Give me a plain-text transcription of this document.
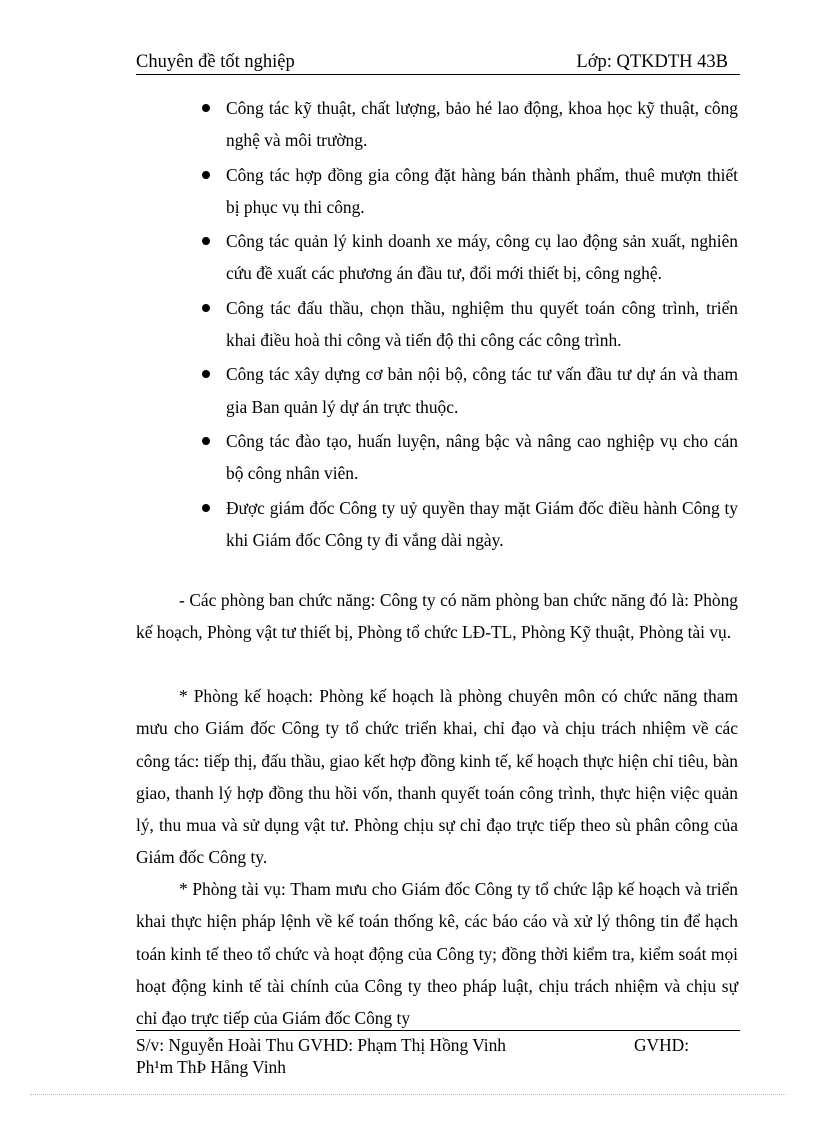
Chuyên đề tốt nghiệp	Lớp: QTKDTH 43B
Công tác kỹ thuật, chất lượng, bảo hé lao động, khoa học kỹ thuật, công nghệ và môi trường.
Công tác hợp đồng gia công đặt hàng bán thành phẩm, thuê mượn thiết bị phục vụ thi công.
Công tác quản lý kinh doanh xe máy, công cụ lao động sản xuất, nghiên cứu đề xuất các phương án đầu tư, đổi mới thiết bị, công nghệ.
Công tác đấu thầu, chọn thầu, nghiệm thu quyết toán công trình, triển khai điều hoà thi công và tiến độ thi công các công trình.
Công tác xây dựng cơ bản nội bộ, công tác tư vấn đầu tư dự án và tham gia Ban quản lý dự án trực thuộc.
Công tác đào tạo, huấn luyện, nâng bậc và nâng cao nghiệp vụ cho cán bộ công nhân viên.
Được giám đốc Công ty uỷ quyền thay mặt Giám đốc điều hành Công ty khi Giám đốc Công ty đi vắng dài ngày.

- Các phòng ban chức năng: Công ty có năm phòng ban chức năng đó là: Phòng kế hoạch, Phòng vật tư thiết bị, Phòng tổ chức LĐ-TL, Phòng Kỹ thuật, Phòng tài vụ.

* Phòng kế hoạch: Phòng kế hoạch là phòng chuyên môn có chức năng tham mưu cho Giám đốc Công ty tổ chức triển khai, chỉ đạo và chịu trách nhiệm về các công tác: tiếp thị, đấu thầu, giao kết hợp đồng kinh tế, kế hoạch thực hiện chỉ tiêu, bàn giao, thanh lý hợp đồng thu hồi vốn, thanh quyết toán công trình, thực hiện việc quản lý, thu mua và sử dụng vật tư. Phòng chịu sự chỉ đạo trực tiếp theo sù phân công của Giám đốc Công ty.

* Phòng tài vụ: Tham mưu cho Giám đốc Công ty tổ chức lập kế hoạch và triển khai thực hiện pháp lệnh về kế toán thống kê, các báo cáo và xử lý thông tin để hạch toán kinh tế theo tổ chức và hoạt động của Công ty; đồng thời kiểm tra, kiểm soát mọi hoạt động kinh tế tài chính của Công ty theo pháp luật, chịu trách nhiệm và chịu sự chỉ đạo trực tiếp của Giám đốc Công ty

S/v: Nguyễn Hoài Thu GVHD: Phạm Thị Hồng Vinh	GVHD:
Ph¹m ThÞ Hång Vinh
